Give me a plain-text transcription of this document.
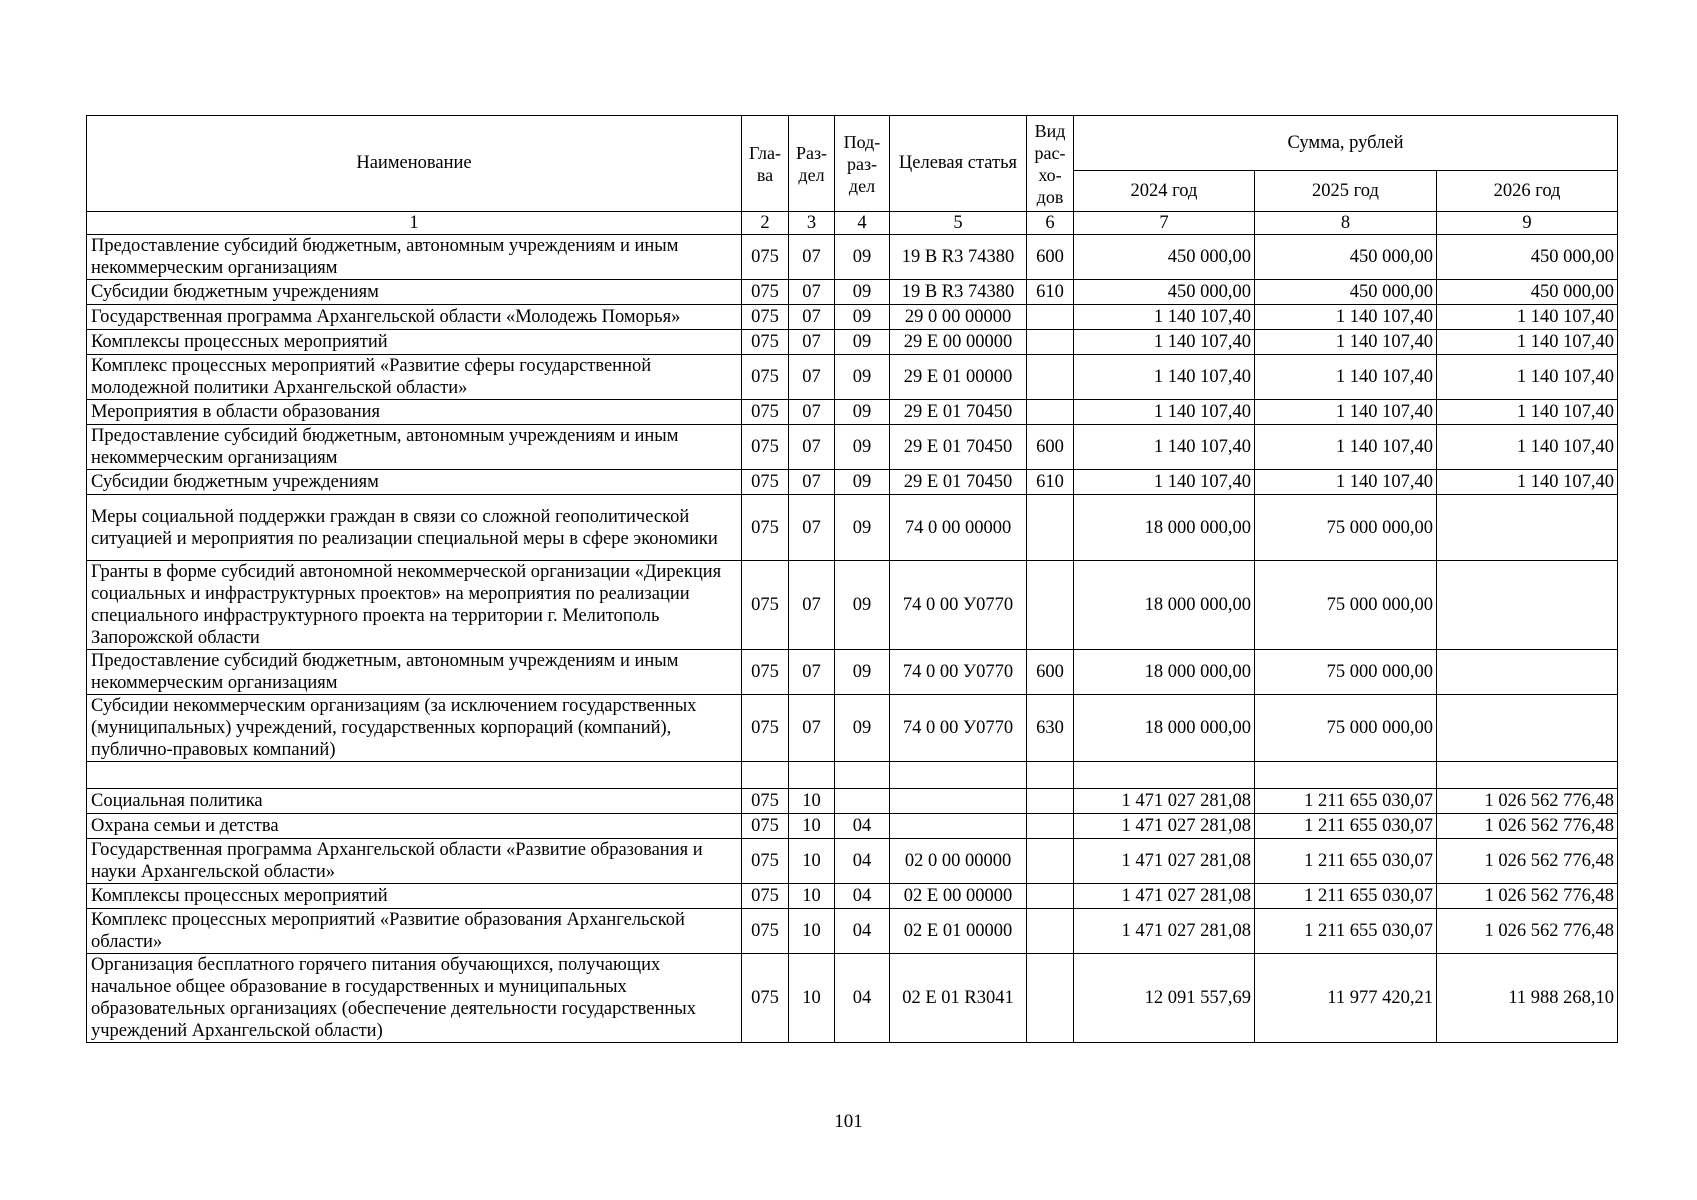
Наименование	Гла-ва	Раз-дел	Под-раз-дел	Целевая статья	Вид рас-хо-дов	Сумма, рублей		
						2024 год	2025 год	2026 год
1	2	3	4	5	6	7	8	9
Предоставление субсидий бюджетным, автономным учреждениям и иным некоммерческим организациям	075	07	09	19 В R3 74380	600	450 000,00	450 000,00	450 000,00
Субсидии бюджетным учреждениям	075	07	09	19 В R3 74380	610	450 000,00	450 000,00	450 000,00
Государственная программа Архангельской области «Молодежь Поморья»	075	07	09	29 0 00 00000		1 140 107,40	1 140 107,40	1 140 107,40
Комплексы процессных мероприятий	075	07	09	29 Е 00 00000		1 140 107,40	1 140 107,40	1 140 107,40
Комплекс процессных мероприятий «Развитие сферы государственной молодежной политики Архангельской области»	075	07	09	29 Е 01 00000		1 140 107,40	1 140 107,40	1 140 107,40
Мероприятия в области образования	075	07	09	29 Е 01 70450		1 140 107,40	1 140 107,40	1 140 107,40
Предоставление субсидий бюджетным, автономным учреждениям и иным некоммерческим организациям	075	07	09	29 Е 01 70450	600	1 140 107,40	1 140 107,40	1 140 107,40
Субсидии бюджетным учреждениям	075	07	09	29 Е 01 70450	610	1 140 107,40	1 140 107,40	1 140 107,40
Меры социальной поддержки граждан в связи со сложной геополитической ситуацией и мероприятия по реализации специальной меры в сфере экономики	075	07	09	74 0 00 00000		18 000 000,00	75 000 000,00	
Гранты в форме субсидий автономной некоммерческой организации «Дирекция социальных и инфраструктурных проектов» на мероприятия по реализации специального инфраструктурного проекта на территории г. Мелитополь Запорожской области	075	07	09	74 0 00 У0770		18 000 000,00	75 000 000,00	
Предоставление субсидий бюджетным, автономным учреждениям и иным некоммерческим организациям	075	07	09	74 0 00 У0770	600	18 000 000,00	75 000 000,00	
Субсидии некоммерческим организациям (за исключением государственных (муниципальных) учреждений, государственных корпораций (компаний), публично-правовых компаний)	075	07	09	74 0 00 У0770	630	18 000 000,00	75 000 000,00	

Социальная политика	075	10				1 471 027 281,08	1 211 655 030,07	1 026 562 776,48
Охрана семьи и детства	075	10	04			1 471 027 281,08	1 211 655 030,07	1 026 562 776,48
Государственная программа Архангельской области «Развитие образования и науки Архангельской области»	075	10	04	02 0 00 00000		1 471 027 281,08	1 211 655 030,07	1 026 562 776,48
Комплексы процессных мероприятий	075	10	04	02 Е 00 00000		1 471 027 281,08	1 211 655 030,07	1 026 562 776,48
Комплекс процессных мероприятий «Развитие образования Архангельской области»	075	10	04	02 Е 01 00000		1 471 027 281,08	1 211 655 030,07	1 026 562 776,48
Организация бесплатного горячего питания обучающихся, получающих начальное общее образование в государственных и муниципальных образовательных организациях (обеспечение деятельности государственных учреждений Архангельской области)	075	10	04	02 Е 01 R3041		12 091 557,69	11 977 420,21	11 988 268,10
101
